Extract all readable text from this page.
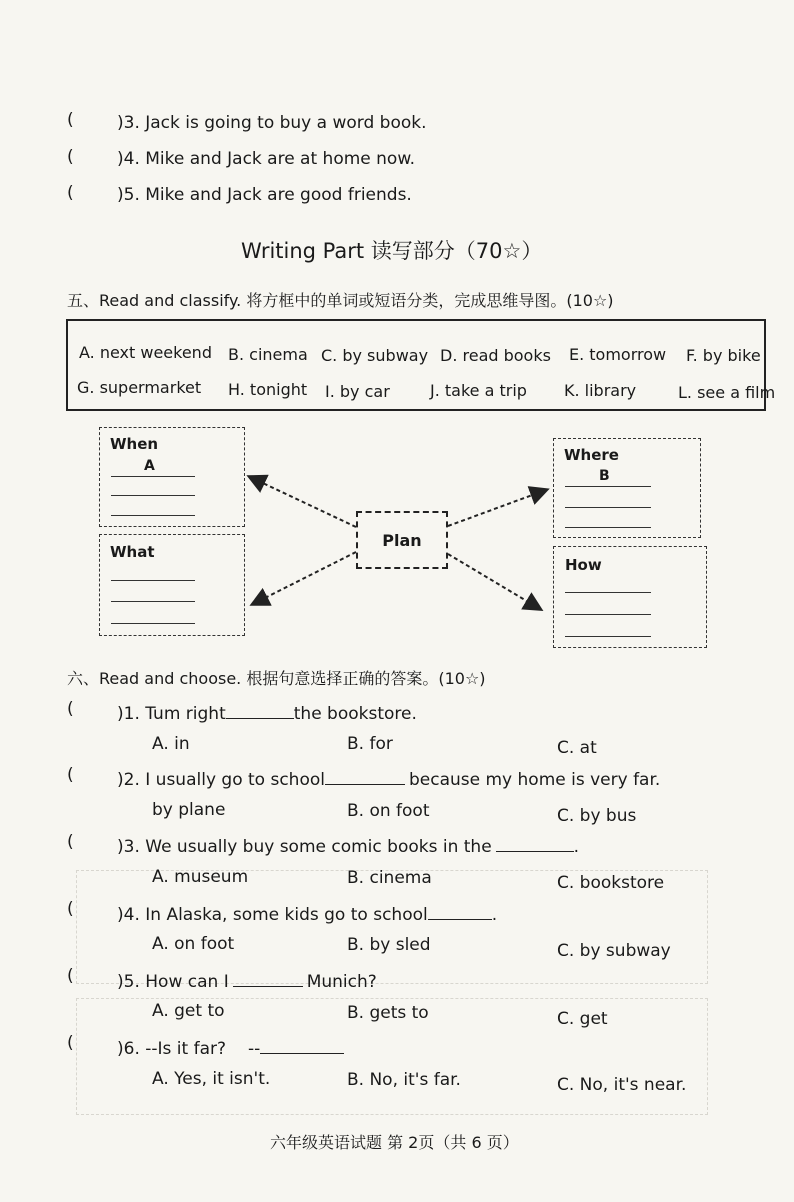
(	)3. Jack is going to buy a word book.
(	)4. Mike and Jack are at home now.
(	)5. Mike and Jack are good friends.
Writing Part 读写部分（70☆）
五、Read and classify. 将方框中的单词或短语分类，完成思维导图。(10☆)
A. next weekend B. cinema C. by subway D. read books E. tomorrow F. by bike
G. supermarket H. tonight I. by car	J. take a trip K. library	L. see a film
Plan
When
A
What
Where
B
How
六、Read and choose. 根据句意选择正确的答案。(10☆)
(	)1. Tum right	the bookstore.
A. in	B. for	C. at
(	)2. I usually go to school	because my home is very far.
by plane	B. on foot	C. by bus
(	)3. We usually buy some comic books in the	.
A. museum	B. cinema	C. bookstore
(	)4. In Alaska, some kids go to school	.
A. on foot	B. by sled	C. by subway
(	)5. How can I	Munich?
A. get to	B. gets to	C. get
(	)6. --Is it far? --
A. Yes, it isn't.	B. No, it's far.	C. No, it's near.
六年级英语试题 第 2页（共 6 页）
